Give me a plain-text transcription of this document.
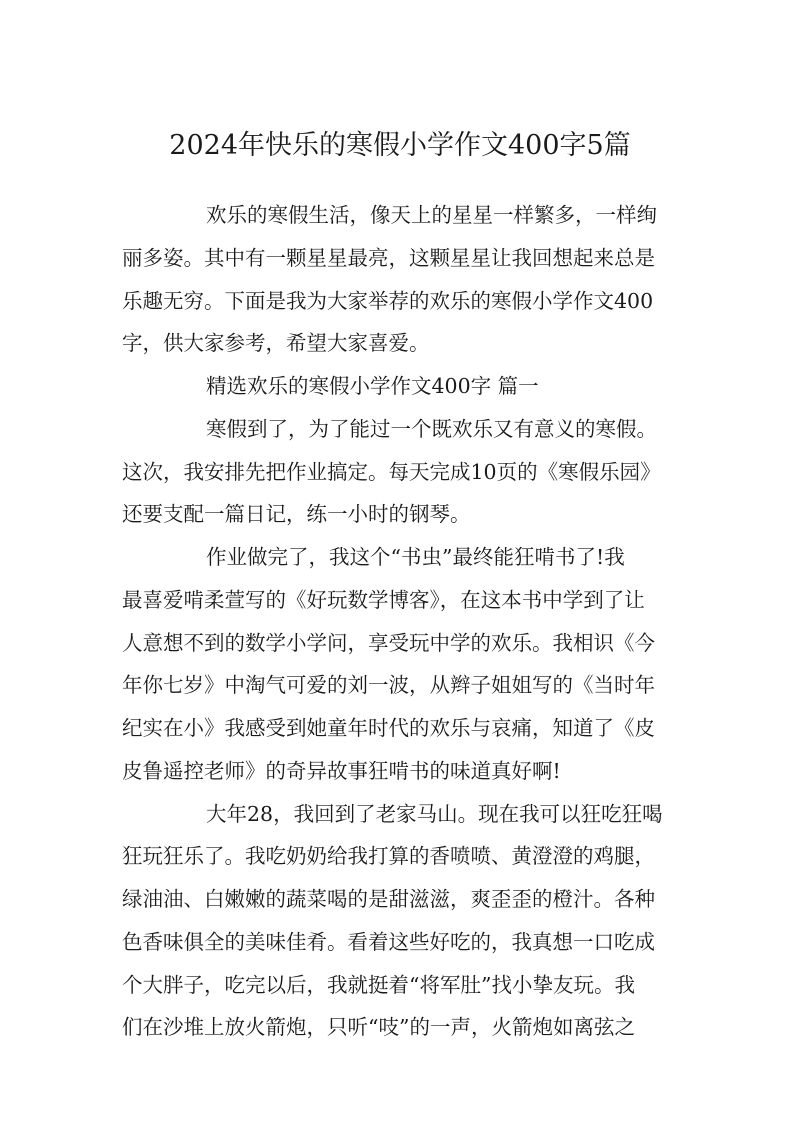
2024年快乐的寒假小学作文400字5篇
欢乐的寒假生活，像天上的星星一样繁多，一样绚
丽多姿。其中有一颗星星最亮，这颗星星让我回想起来总是
乐趣无穷。下面是我为大家举荐的欢乐的寒假小学作文400
字，供大家参考，希望大家喜爱。
精选欢乐的寒假小学作文400字 篇一
寒假到了，为了能过一个既欢乐又有意义的寒假。
这次，我安排先把作业搞定。每天完成10页的《寒假乐园》
还要支配一篇日记，练一小时的钢琴。
作业做完了，我这个“书虫”最终能狂啃书了!我
最喜爱啃柔萱写的《好玩数学博客》，在这本书中学到了让
人意想不到的数学小学问，享受玩中学的欢乐。我相识《今
年你七岁》中淘气可爱的刘一波，从辫子姐姐写的《当时年
纪实在小》我感受到她童年时代的欢乐与哀痛，知道了《皮
皮鲁遥控老师》的奇异故事狂啃书的味道真好啊!
大年28，我回到了老家马山。现在我可以狂吃狂喝
狂玩狂乐了。我吃奶奶给我打算的香喷喷、黄澄澄的鸡腿，
绿油油、白嫩嫩的蔬菜喝的是甜滋滋，爽歪歪的橙汁。各种
色香味俱全的美味佳肴。看着这些好吃的，我真想一口吃成
个大胖子，吃完以后，我就挺着“将军肚”找小挚友玩。我
们在沙堆上放火箭炮，只听“吱”的一声，火箭炮如离弦之
